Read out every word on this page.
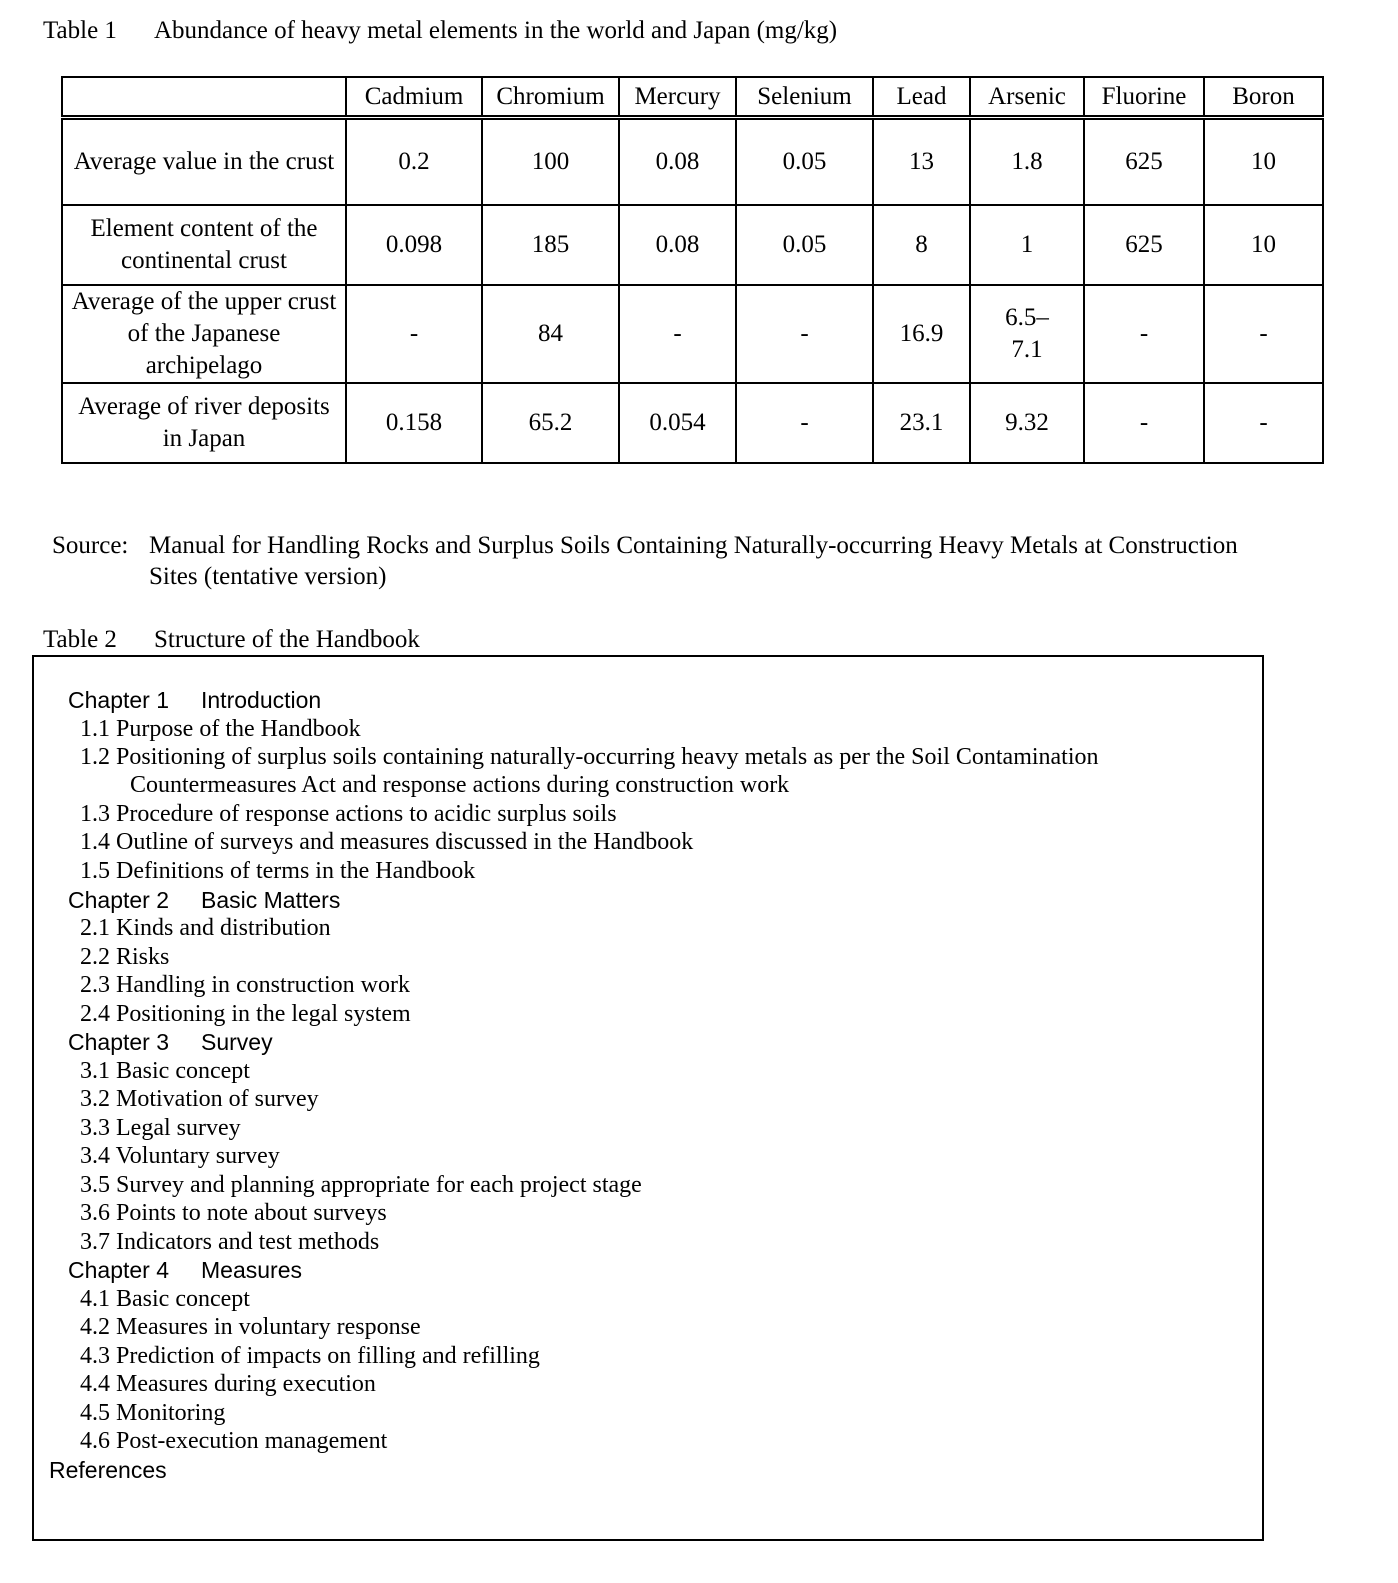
Table 1 Abundance of heavy metal elements in the world and Japan (mg/kg)
	Cadmium	Chromium	Mercury	Selenium	Lead	Arsenic	Fluorine	Boron
Average value in the crust	0.2	100	0.08	0.05	13	1.8	625	10
Element content of the continental crust	0.098	185	0.08	0.05	8	1	625	10
Average of the upper crust of the Japanese archipelago	-	84	-	-	16.9	6.5–7.1	-	-
Average of river deposits in Japan	0.158	65.2	0.054	-	23.1	9.32	-	-
Source: Manual for Handling Rocks and Surplus Soils Containing Naturally-occurring Heavy Metals at Construction Sites (tentative version)
Table 2 Structure of the Handbook
Chapter 1 Introduction
1.1 Purpose of the Handbook
1.2 Positioning of surplus soils containing naturally-occurring heavy metals as per the Soil Contamination Countermeasures Act and response actions during construction work
1.3 Procedure of response actions to acidic surplus soils
1.4 Outline of surveys and measures discussed in the Handbook
1.5 Definitions of terms in the Handbook
Chapter 2 Basic Matters
2.1 Kinds and distribution
2.2 Risks
2.3 Handling in construction work
2.4 Positioning in the legal system
Chapter 3 Survey
3.1 Basic concept
3.2 Motivation of survey
3.3 Legal survey
3.4 Voluntary survey
3.5 Survey and planning appropriate for each project stage
3.6 Points to note about surveys
3.7 Indicators and test methods
Chapter 4 Measures
4.1 Basic concept
4.2 Measures in voluntary response
4.3 Prediction of impacts on filling and refilling
4.4 Measures during execution
4.5 Monitoring
4.6 Post-execution management
References
